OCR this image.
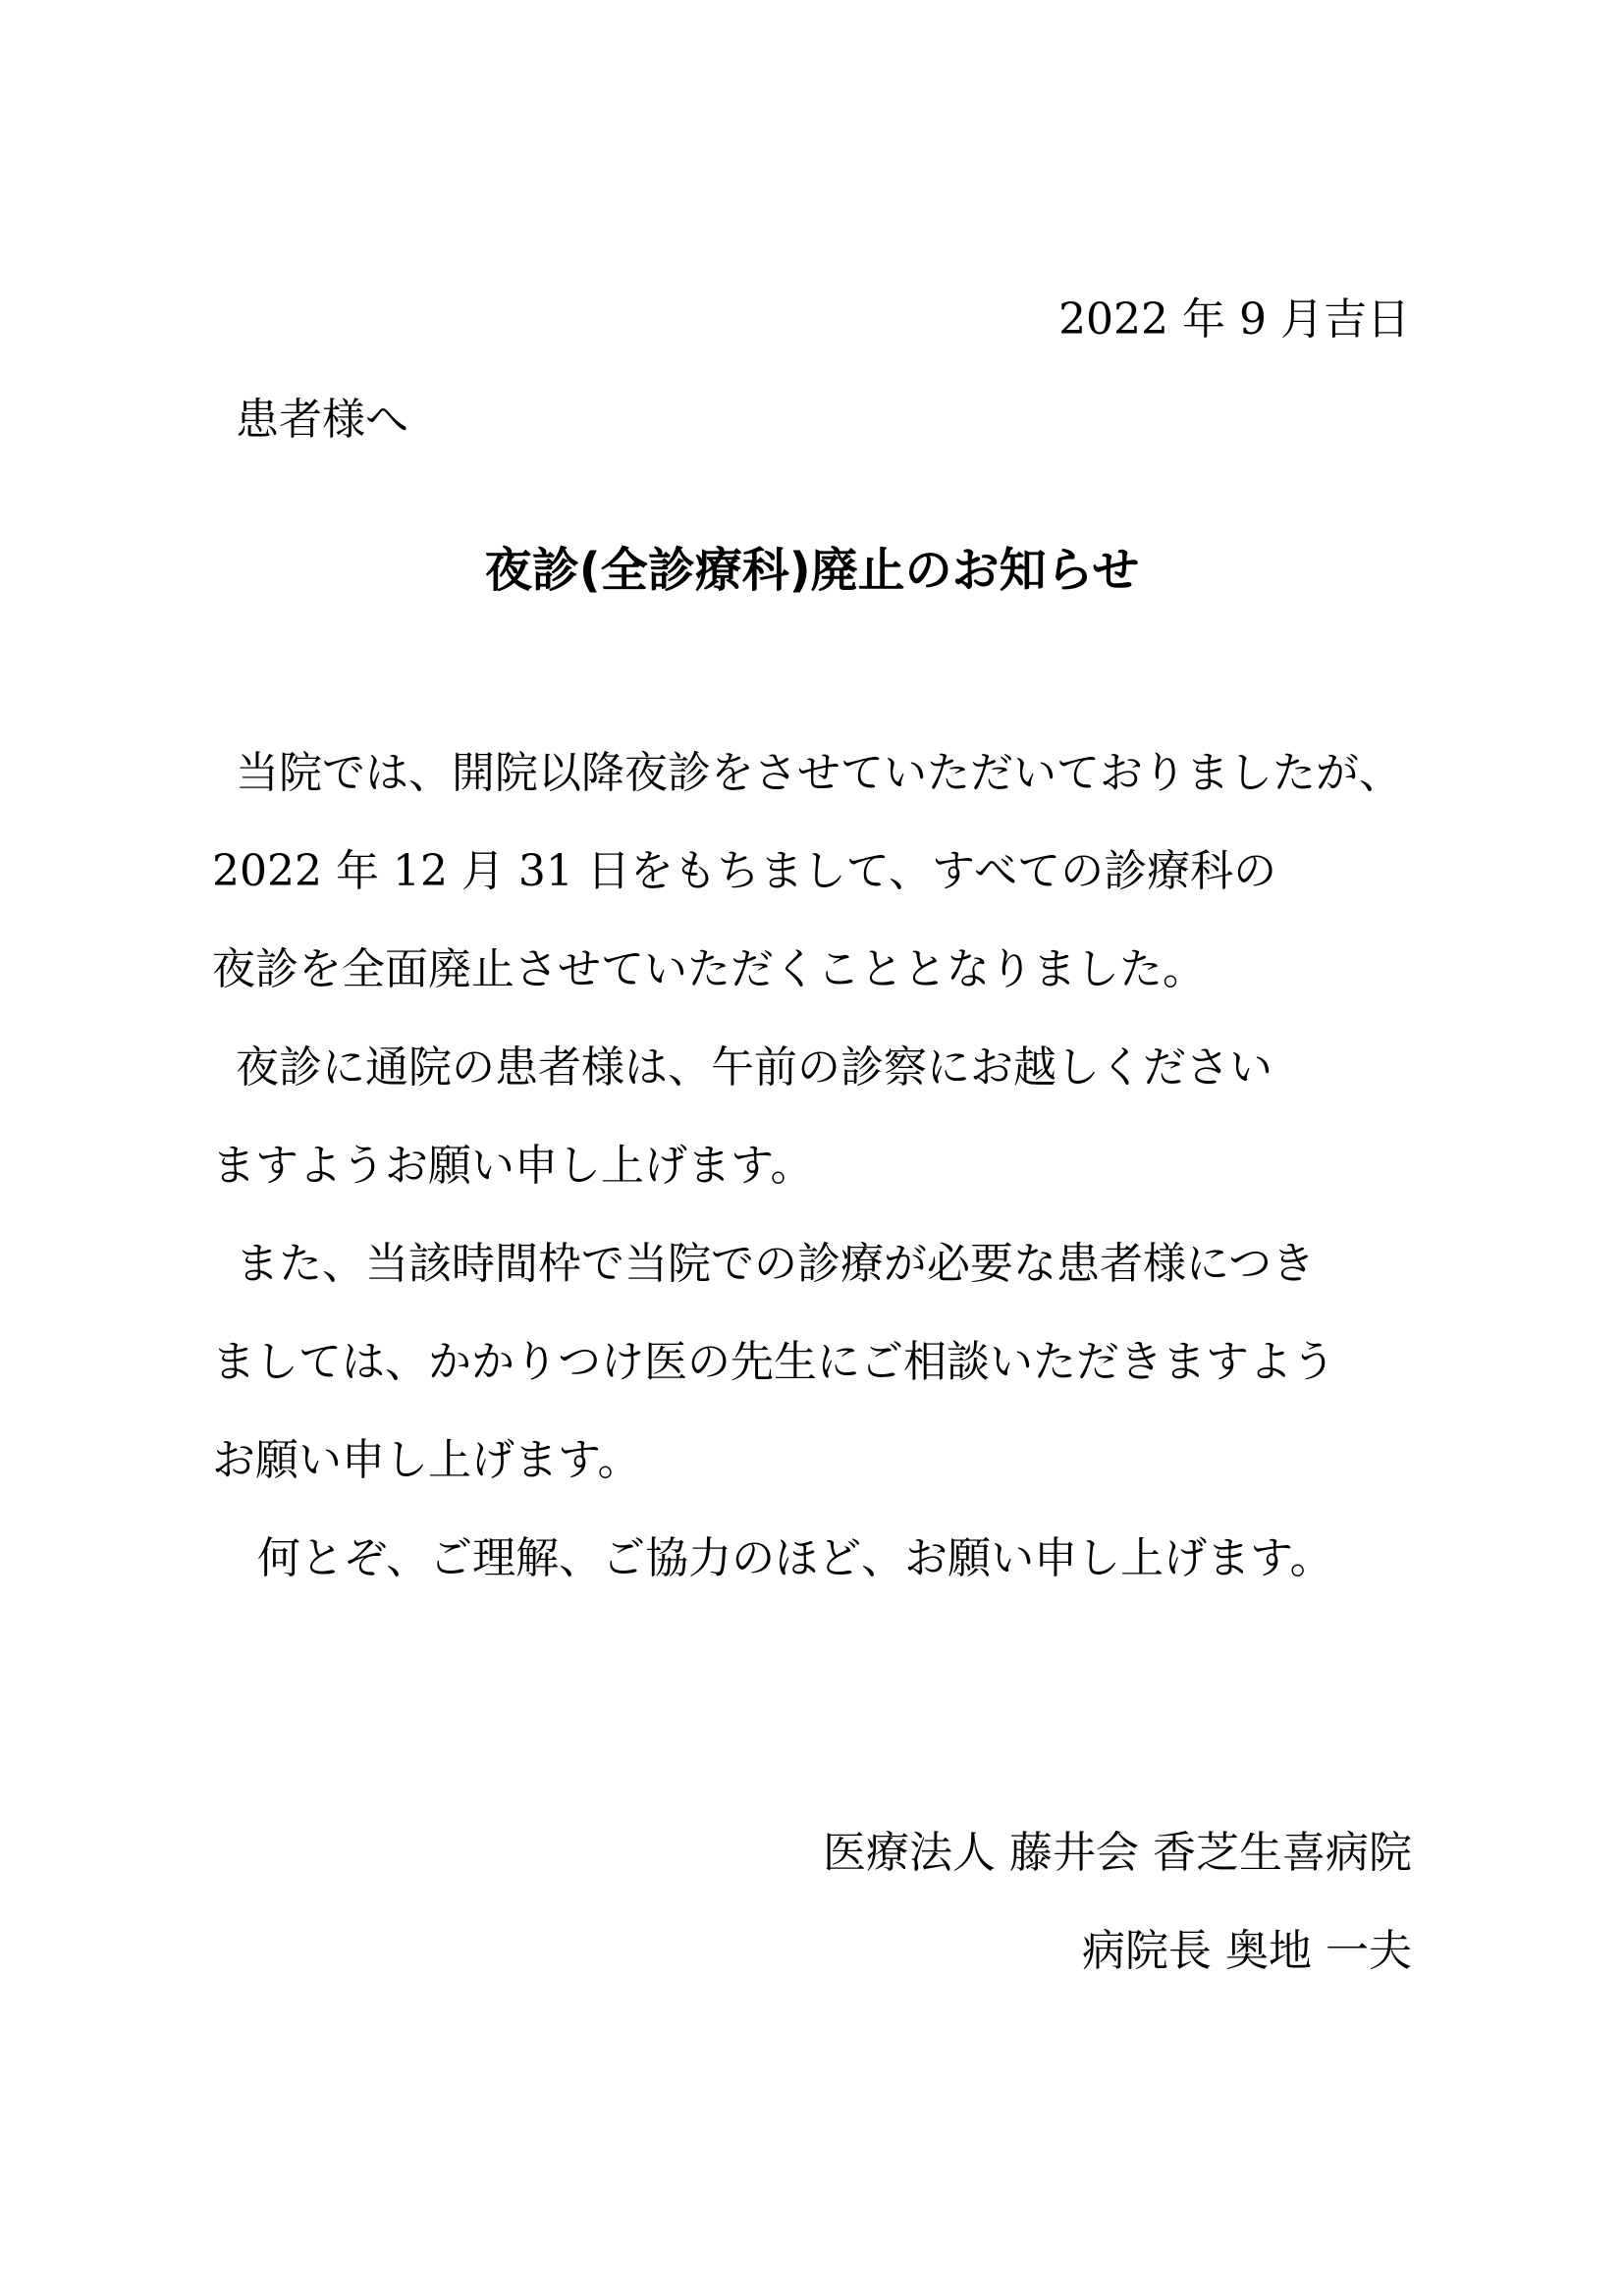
2022 年 9 月吉日
患者様へ
夜診(全診療科)廃止のお知らせ
当院では、開院以降夜診をさせていただいておりましたが、
2022 年 12 月 31 日をもちまして、すべての診療科の
夜診を全面廃止させていただくこととなりました。
夜診に通院の患者様は、午前の診察にお越しください
ますようお願い申し上げます。
また、当該時間枠で当院での診療が必要な患者様につき
ましては、かかりつけ医の先生にご相談いただきますよう
お願い申し上げます。
何とぞ、ご理解、ご協力のほど、お願い申し上げます。
医療法人 藤井会 香芝生喜病院
病院長 奥地 一夫
